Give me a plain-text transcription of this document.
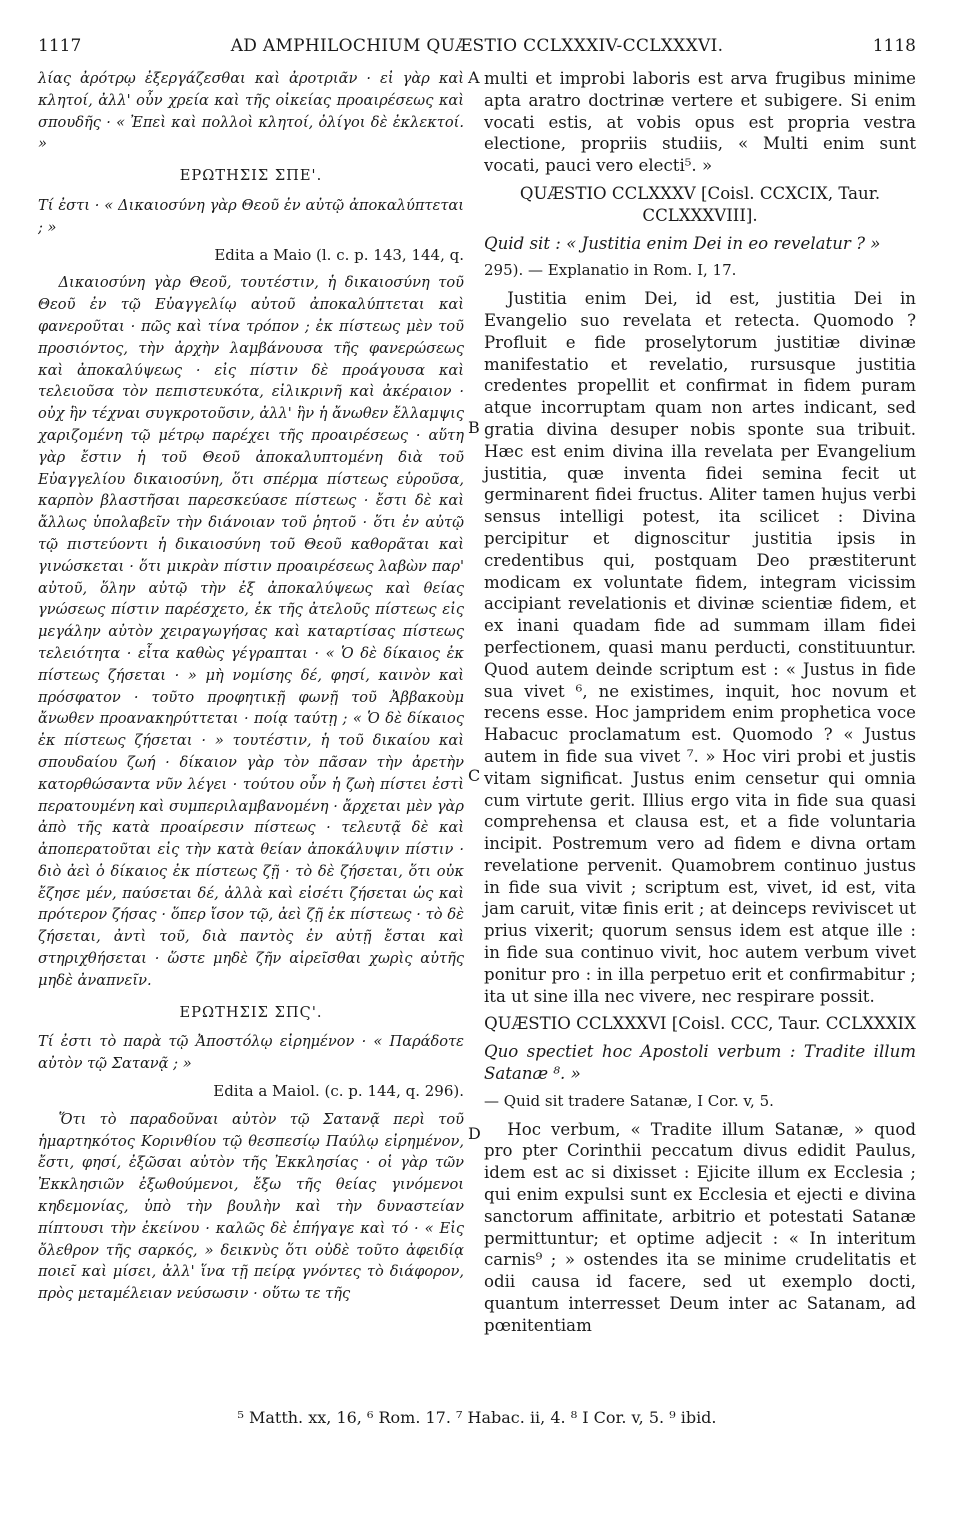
1117	AD AMPHILOCHIUM QUÆSTIO CCLXXXIV-CCLXXXVI.	1118

λίας ἀρότρῳ ἐξεργάζεσθαι καὶ ἀροτριᾶν · εἰ γὰρ καὶ κλητοί, ἀλλ' οὖν χρεία καὶ τῆς οἰκείας προαιρέσεως καὶ σπουδῆς · « Ἐπεὶ καὶ πολλοὶ κλητοί, ὀλίγοι δὲ ἐκλεκτοί. »

ΕΡΩΤΗΣΙΣ ΣΠΕ'.

Τί ἐστι · « Δικαιοσύνη γὰρ Θεοῦ ἐν αὐτῷ ἀποκαλύπτεται ; »

Edita a Maio (l. c. p. 143, 144, q.

Δικαιοσύνη γὰρ Θεοῦ, τουτέστιν, ἡ δικαιοσύνη τοῦ Θεοῦ ἐν τῷ Εὐαγγελίῳ αὐτοῦ ἀποκαλύπτεται καὶ φανεροῦται · πῶς καὶ τίνα τρόπον ; ἐκ πίστεως μὲν τοῦ προσιόντος, τὴν ἀρχὴν λαμβάνουσα τῆς φανερώσεως καὶ ἀποκαλύψεως · εἰς πίστιν δὲ προάγουσα καὶ τελειοῦσα τὸν πεπιστευκότα, εἰλικρινῆ καὶ ἀκέραιον · οὐχ ἣν τέχναι συγκροτοῦσιν, ἀλλ' ἣν ἡ ἄνωθεν ἔλλαμψις χαριζομένη τῷ μέτρῳ παρέχει τῆς προαιρέσεως · αὕτη γὰρ ἔστιν ἡ τοῦ Θεοῦ ἀποκαλυπτομένη διὰ τοῦ Εὐαγγελίου δικαιοσύνη, ὅτι σπέρμα πίστεως εὑροῦσα, καρπὸν βλαστῆσαι παρεσκεύασε πίστεως · ἔστι δὲ καὶ ἄλλως ὑπολαβεῖν τὴν διάνοιαν τοῦ ῥητοῦ · ὅτι ἐν αὐτῷ τῷ πιστεύοντι ἡ δικαιοσύνη τοῦ Θεοῦ καθορᾶται καὶ γινώσκεται · ὅτι μικρὰν πίστιν προαιρέσεως λαβὼν παρ' αὐτοῦ, ὅλην αὐτῷ τὴν ἐξ ἀποκαλύψεως καὶ θείας γνώσεως πίστιν παρέσχετο, ἐκ τῆς ἀτελοῦς πίστεως εἰς μεγάλην αὐτὸν χειραγωγήσας καὶ καταρτίσας πίστεως τελειότητα · εἶτα καθὼς γέγραπται · « Ὁ δὲ δίκαιος ἐκ πίστεως ζήσεται · » μὴ νομίσης δέ, φησί, καινὸν καὶ πρόσφατον · τοῦτο προφητικῇ φωνῇ τοῦ Ἀββακοὺμ ἄνωθεν προανακηρύττεται · ποίᾳ ταύτῃ ; « Ὁ δὲ δίκαιος ἐκ πίστεως ζήσεται · » τουτέστιν, ἡ τοῦ δικαίου καὶ σπουδαίου ζωή · δίκαιον γὰρ τὸν πᾶσαν τὴν ἀρετὴν κατορθώσαντα νῦν λέγει · τούτου οὖν ἡ ζωὴ πίστει ἐστὶ περατουμένη καὶ συμπεριλαμβανομένη · ἄρχεται μὲν γὰρ ἀπὸ τῆς κατὰ προαίρεσιν πίστεως · τελευτᾷ δὲ καὶ ἀποπερατοῦται εἰς τὴν κατὰ θείαν ἀποκάλυψιν πίστιν · διὸ ἀεὶ ὁ δίκαιος ἐκ πίστεως ζῇ · τὸ δὲ ζήσεται, ὅτι οὐκ ἔζησε μέν, παύσεται δέ, ἀλλὰ καὶ εἰσέτι ζήσεται ὡς καὶ πρότερον ζήσας · ὅπερ ἴσον τῷ, ἀεὶ ζῇ ἐκ πίστεως · τὸ δὲ ζήσεται, ἀντὶ τοῦ, διὰ παντὸς ἐν αὐτῇ ἔσται καὶ στηριχθήσεται · ὥστε μηδὲ ζῆν αἱρεῖσθαι χωρὶς αὐτῆς μηδὲ ἀναπνεῖν.

ΕΡΩΤΗΣΙΣ ΣΠϚ'.

Τί ἐστι τὸ παρὰ τῷ Ἀποστόλῳ εἰρημένον · « Παράδοτε αὐτὸν τῷ Σατανᾷ ; »

Edita a Maiol. (c. p. 144, q. 296).

Ὅτι τὸ παραδοῦναι αὐτὸν τῷ Σατανᾷ περὶ τοῦ ἡμαρτηκότος Κορινθίου τῷ θεσπεσίῳ Παύλῳ εἰρημένον, ἔστι, φησί, ἐξῶσαι αὐτὸν τῆς Ἐκκλησίας · οἱ γὰρ τῶν Ἐκκλησιῶν ἐξωθούμενοι, ἔξω τῆς θείας γινόμενοι κηδεμονίας, ὑπὸ τὴν βουλὴν καὶ τὴν δυναστείαν πίπτουσι τὴν ἐκείνου · καλῶς δὲ ἐπήγαγε καὶ τό · « Εἰς ὄλεθρον τῆς σαρκός, » δεικνὺς ὅτι οὐδὲ τοῦτο ἀφειδίᾳ ποιεῖ καὶ μίσει, ἀλλ' ἵνα τῇ πείρᾳ γνόντες τὸ διάφορον, πρὸς μεταμέλειαν νεύσωσιν · οὕτω τε τῆς

A
B
C
D

multi et improbi laboris est arva frugibus minime apta aratro doctrinæ vertere et subigere. Si enim vocati estis, at vobis opus est propria vestra electione, propriis studiis, « Multi enim sunt vocati, pauci vero electi⁵. »

QUÆSTIO CCLXXXV [Coisl. CCXCIX, Taur. CCLXXXVIII].

Quid sit : « Justitia enim Dei in eo revelatur ? »

295). — Explanatio in Rom. I, 17.

Justitia enim Dei, id est, justitia Dei in Evangelio suo revelata et retecta. Quomodo ? Profluit e fide proselytorum justitiæ divinæ manifestatio et revelatio, rursusque justitia credentes propellit et confirmat in fidem puram atque incorruptam quam non artes indicant, sed gratia divina desuper nobis sponte sua tribuit. Hæc est enim divina illa revelata per Evangelium justitia, quæ inventa fidei semina fecit ut germinarent fidei fructus. Aliter tamen hujus verbi sensus intelligi potest, ita scilicet : Divina percipitur et dignoscitur justitia ipsis in credentibus qui, postquam Deo præstiterunt modicam ex voluntate fidem, integram vicissim accipiant revelationis et divinæ scientiæ fidem, et ex inani quadam fide ad summam illam fidei perfectionem, quasi manu perducti, constituuntur. Quod autem deinde scriptum est : « Justus in fide sua vivet ⁶, ne existimes, inquit, hoc novum et recens esse. Hoc jampridem enim prophetica voce Habacuc proclamatum est. Quomodo ? « Justus autem in fide sua vivet ⁷. » Hoc viri probi et justis vitam significat. Justus enim censetur qui omnia cum virtute gerit. Illius ergo vita in fide sua quasi comprehensa et clausa est, et a fide voluntaria incipit. Postremum vero ad fidem e divna ortam revelatione pervenit. Quamobrem continuo justus in fide sua vivit ; scriptum est, vivet, id est, vita jam caruit, vitæ finis erit ; at deinceps reviviscet ut prius vixerit; quorum sensus idem est atque ille : in fide sua continuo vivit, hoc autem verbum vivet ponitur pro : in illa perpetuo erit et confirmabitur ; ita ut sine illa nec vivere, nec respirare possit.

QUÆSTIO CCLXXXVI [Coisl. CCC, Taur. CCLXXXIX

Quo spectiet hoc Apostoli verbum : Tradite illum Satanæ ⁸. »

— Quid sit tradere Satanæ, I Cor. v, 5.

Hoc verbum, « Tradite illum Satanæ, » quod pro pter Corinthii peccatum divus edidit Paulus, idem est ac si dixisset : Ejicite illum ex Ecclesia ; qui enim expulsi sunt ex Ecclesia et ejecti e divina sanctorum affinitate, arbitrio et potestati Satanæ permittuntur; et optime adjecit : « In interitum carnis⁹ ; » ostendes ita se minime crudelitatis et odii causa id facere, sed ut exemplo docti, quantum interresset Deum inter ac Satanam, ad pœnitentiam

⁵ Matth. xx, 16, ⁶ Rom. 17. ⁷ Habac. ii, 4. ⁸ I Cor. v, 5. ⁹ ibid.
